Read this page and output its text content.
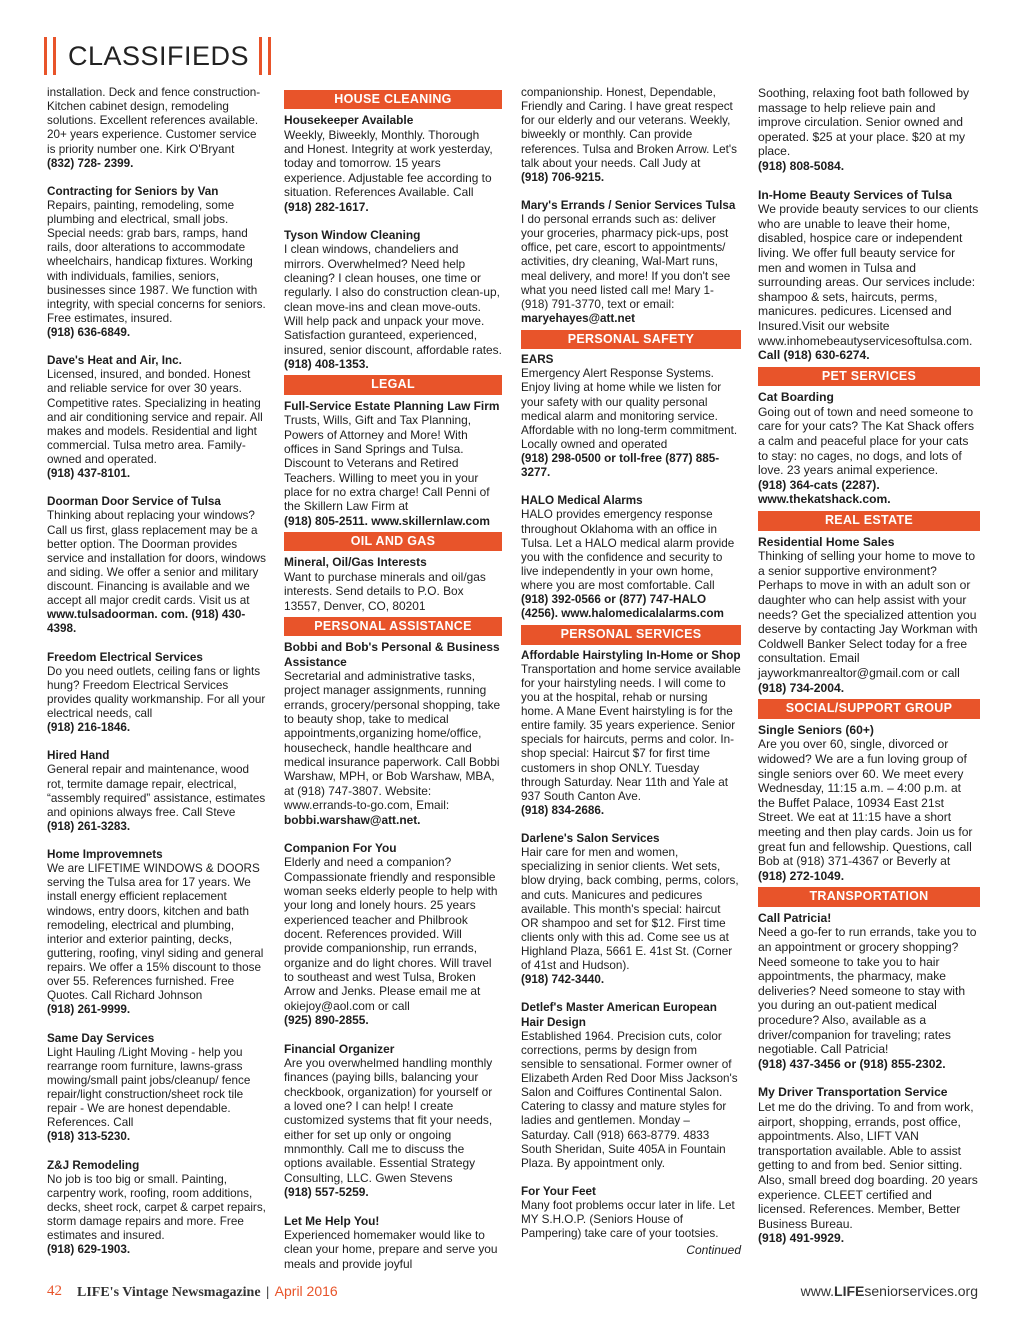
CLASSIFIEDS
installation. Deck and fence construction- Kitchen cabinet design, remodeling solutions. Excellent references available. 20+ years experience. Customer service is priority number one. Kirk O'Bryant
(832) 728- 2399.
Contracting for Seniors by Van
Repairs, painting, remodeling, some plumbing and electrical, small jobs. Special needs: grab bars, ramps, hand rails, door alterations to accommodate wheelchairs, handicap fixtures. Working with individuals, families, seniors, businesses since 1987. We function with integrity, with special concerns for seniors. Free estimates, insured.
(918) 636-6849.
Dave's Heat and Air, Inc.
Licensed, insured, and bonded. Honest and reliable service for over 30 years. Competitive rates. Specializing in heating and air conditioning service and repair. All makes and models. Residential and light commercial. Tulsa metro area. Family-owned and operated.
(918) 437-8101.
Doorman Door Service of Tulsa
Thinking about replacing your windows? Call us first, glass replacement may be a better option. The Doorman provides service and installation for doors, windows and siding. We offer a senior and military discount. Financing is available and we accept all major credit cards. Visit us at
www.tulsadoorman. com. (918) 430-4398.
Freedom Electrical Services
Do you need outlets, ceiling fans or lights hung? Freedom Electrical Services provides quality workmanship. For all your electrical needs, call
(918) 216-1846.
Hired Hand
General repair and maintenance, wood rot, termite damage repair, electrical, “assembly required” assistance, estimates and opinions always free. Call Steve
(918) 261-3283.
Home Improvemnets
We are LIFETIME WINDOWS & DOORS serving the Tulsa area for 17 years. We install energy efficient replacement windows, entry doors, kitchen and bath remodeling, electrical and plumbing, interior and exterior painting, decks, guttering, roofing, vinyl siding and general repairs. We offer a 15% discount to those over 55. References furnished. Free Quotes. Call Richard Johnson
(918) 261-9999.
Same Day Services
Light Hauling /Light Moving - help you rearrange room furniture, lawns-grass mowing/small paint jobs/cleanup/ fence repair/light construction/sheet rock tile repair - We are honest dependable. References. Call
(918) 313-5230.
Z&J Remodeling
No job is too big or small. Painting, carpentry work, roofing, room additions, decks, sheet rock, carpet & carpet repairs, storm damage repairs and more. Free estimates and insured.
(918) 629-1903.
HOUSE CLEANING
Housekeeper Available
Weekly, Biweekly, Monthly. Thorough and Honest. Integrity at work yesterday, today and tomorrow. 15 years experience. Adjustable fee according to situation. References Available. Call
(918) 282-1617.
Tyson Window Cleaning
I clean windows, chandeliers and mirrors. Overwhelmed? Need help cleaning? I clean houses, one time or regularly. I also do construction clean-up, clean move-ins and clean move-outs. Will help pack and unpack your move. Satisfaction guranteed, experienced, insured, senior discount, affordable rates.
(918) 408-1353.
LEGAL
Full-Service Estate Planning Law Firm
Trusts, Wills, Gift and Tax Planning, Powers of Attorney and More! With offices in Sand Springs and Tulsa. Discount to Veterans and Retired Teachers. Willing to meet you in your place for no extra charge! Call Penni of the Skillern Law Firm at
(918) 805-2511. www.skillernlaw.com
OIL AND GAS
Mineral, Oil/Gas Interests
Want to purchase minerals and oil/gas interests. Send details to P.O. Box 13557, Denver, CO, 80201
PERSONAL ASSISTANCE
Bobbi and Bob's Personal & Business Assistance
Secretarial and administrative tasks, project manager assignments, running errands, grocery/personal shopping, take to beauty shop, take to medical appointments,organizing home/office, housecheck, handle healthcare and medical insurance paperwork. Call Bobbi Warshaw, MPH, or Bob Warshaw, MBA, at (918) 747-3807. Website: www.errands-to-go.com, Email:
bobbi.warshaw@att.net.
Companion For You
Elderly and need a companion? Compassionate friendly and responsible woman seeks elderly people to help with your long and lonely hours. 25 years experienced teacher and Philbrook docent. References provided. Will provide companionship, run errands, organize and do light chores. Will travel to southeast and west Tulsa, Broken Arrow and Jenks. Please email me at okiejoy@aol.com or call
(925) 890-2855.
Financial Organizer
Are you overwhelmed handling monthly finances (paying bills, balancing your checkbook, organization) for yourself or a loved one? I can help! I create customized systems that fit your needs, either for set up only or ongoing mnmonthly. Call me to discuss the options available. Essential Strategy Consulting, LLC. Gwen Stevens
(918) 557-5259.
Let Me Help You!
Experienced homemaker would like to clean your home, prepare and serve you meals and provide joyful
companionship. Honest, Dependable, Friendly and Caring. I have great respect for our elderly and our veterans. Weekly, biweekly or monthly. Can provide references. Tulsa and Broken Arrow. Let's talk about your needs. Call Judy at
(918) 706-9215.
Mary's Errands / Senior Services Tulsa
I do personal errands such as: deliver your groceries, pharmacy pick-ups, post office, pet care, escort to appointments/ activities, dry cleaning, Wal-Mart runs, meal delivery, and more! If you don't see what you need listed call me! Mary 1-(918) 791-3770, text or email:
maryehayes@att.net
PERSONAL SAFETY
EARS
Emergency Alert Response Systems. Enjoy living at home while we listen for your safety with our quality personal medical alarm and monitoring service. Affordable with no long-term commitment. Locally owned and operated
(918) 298-0500 or toll-free (877) 885-3277.
HALO Medical Alarms
HALO provides emergency response throughout Oklahoma with an office in Tulsa. Let a HALO medical alarm provide you with the confidence and security to live independently in your own home, where you are most comfortable. Call
(918) 392-0566 or (877) 747-HALO (4256). www.halomedicalalarms.com
PERSONAL SERVICES
Affordable Hairstyling In-Home or Shop
Transportation and home service available for your hairstyling needs. I will come to you at the hospital, rehab or nursing home. A Mane Event hairstyling is for the entire family. 35 years experience. Senior specials for haircuts, perms and color. In-shop special: Haircut $7 for first time customers in shop ONLY. Tuesday through Saturday. Near 11th and Yale at 937 South Canton Ave.
(918) 834-2686.
Darlene's Salon Services
Hair care for men and women, specializing in senior clients. Wet sets, blow drying, back combing, perms, colors, and cuts. Manicures and pedicures available. This month's special: haircut OR shampoo and set for $12. First time clients only with this ad. Come see us at Highland Plaza, 5661 E. 41st St. (Corner of 41st and Hudson).
(918) 742-3440.
Detlef's Master American European Hair Design
Established 1964. Precision cuts, color corrections, perms by design from sensible to sensational. Former owner of Elizabeth Arden Red Door Miss Jackson's Salon and Coiffures Continental Salon. Catering to classy and mature styles for ladies and gentlemen. Monday – Saturday. Call (918) 663-8779. 4833 South Sheridan, Suite 405A in Fountain Plaza. By appointment only.
For Your Feet
Many foot problems occur later in life. Let MY S.H.O.P. (Seniors House of Pampering) take care of your tootsies.
Continued
Soothing, relaxing foot bath followed by massage to help relieve pain and improve circulation. Senior owned and operated. $25 at your place. $20 at my place.
(918) 808-5084.
In-Home Beauty Services of Tulsa
We provide beauty services to our clients who are unable to leave their home, disabled, hospice care or independent living. We offer full beauty service for men and women in Tulsa and surrounding areas. Our services include: shampoo & sets, haircuts, perms, manicures. pedicures. Licensed and Insured.Visit our website www.inhomebeautyservicesoftulsa.com.
Call (918) 630-6274.
PET SERVICES
Cat Boarding
Going out of town and need someone to care for your cats? The Kat Shack offers a calm and peaceful place for your cats to stay: no cages, no dogs, and lots of love. 23 years animal experience.
(918) 364-cats (2287). www.thekatshack.com.
REAL ESTATE
Residential Home Sales
Thinking of selling your home to move to a senior supportive environment? Perhaps to move in with an adult son or daughter who can help assist with your needs? Get the specialized attention you deserve by contacting Jay Workman with Coldwell Banker Select today for a free consultation. Email jayworkmanrealtor@gmail.com or call
(918) 734-2004.
SOCIAL/SUPPORT GROUP
Single Seniors (60+)
Are you over 60, single, divorced or widowed? We are a fun loving group of single seniors over 60. We meet every Wednesday, 11:15 a.m. – 4:00 p.m. at the Buffet Palace, 10934 East 21st Street. We eat at 11:15 have a short meeting and then play cards. Join us for great fun and fellowship. Questions, call Bob at (918) 371-4367 or Beverly at
(918) 272-1049.
TRANSPORTATION
Call Patricia!
Need a go-fer to run errands, take you to an appointment or grocery shopping? Need someone to take you to hair appointments, the pharmacy, make deliveries? Need someone to stay with you during an out-patient medical procedure? Also, available as a driver/companion for traveling; rates negotiable. Call Patricia!
(918) 437-3456 or (918) 855-2302.
My Driver Transportation Service
Let me do the driving. To and from work, airport, shopping, errands, post office, appointments. Also, LIFT VAN transportation available. Able to assist getting to and from bed. Senior sitting. Also, small breed dog boarding. 20 years experience. CLEET certified and licensed. References. Member, Better Business Bureau.
(918) 491-9929.
42 LIFE's Vintage Newsmagazine | April 2016	www.LIFEseniorservices.org
